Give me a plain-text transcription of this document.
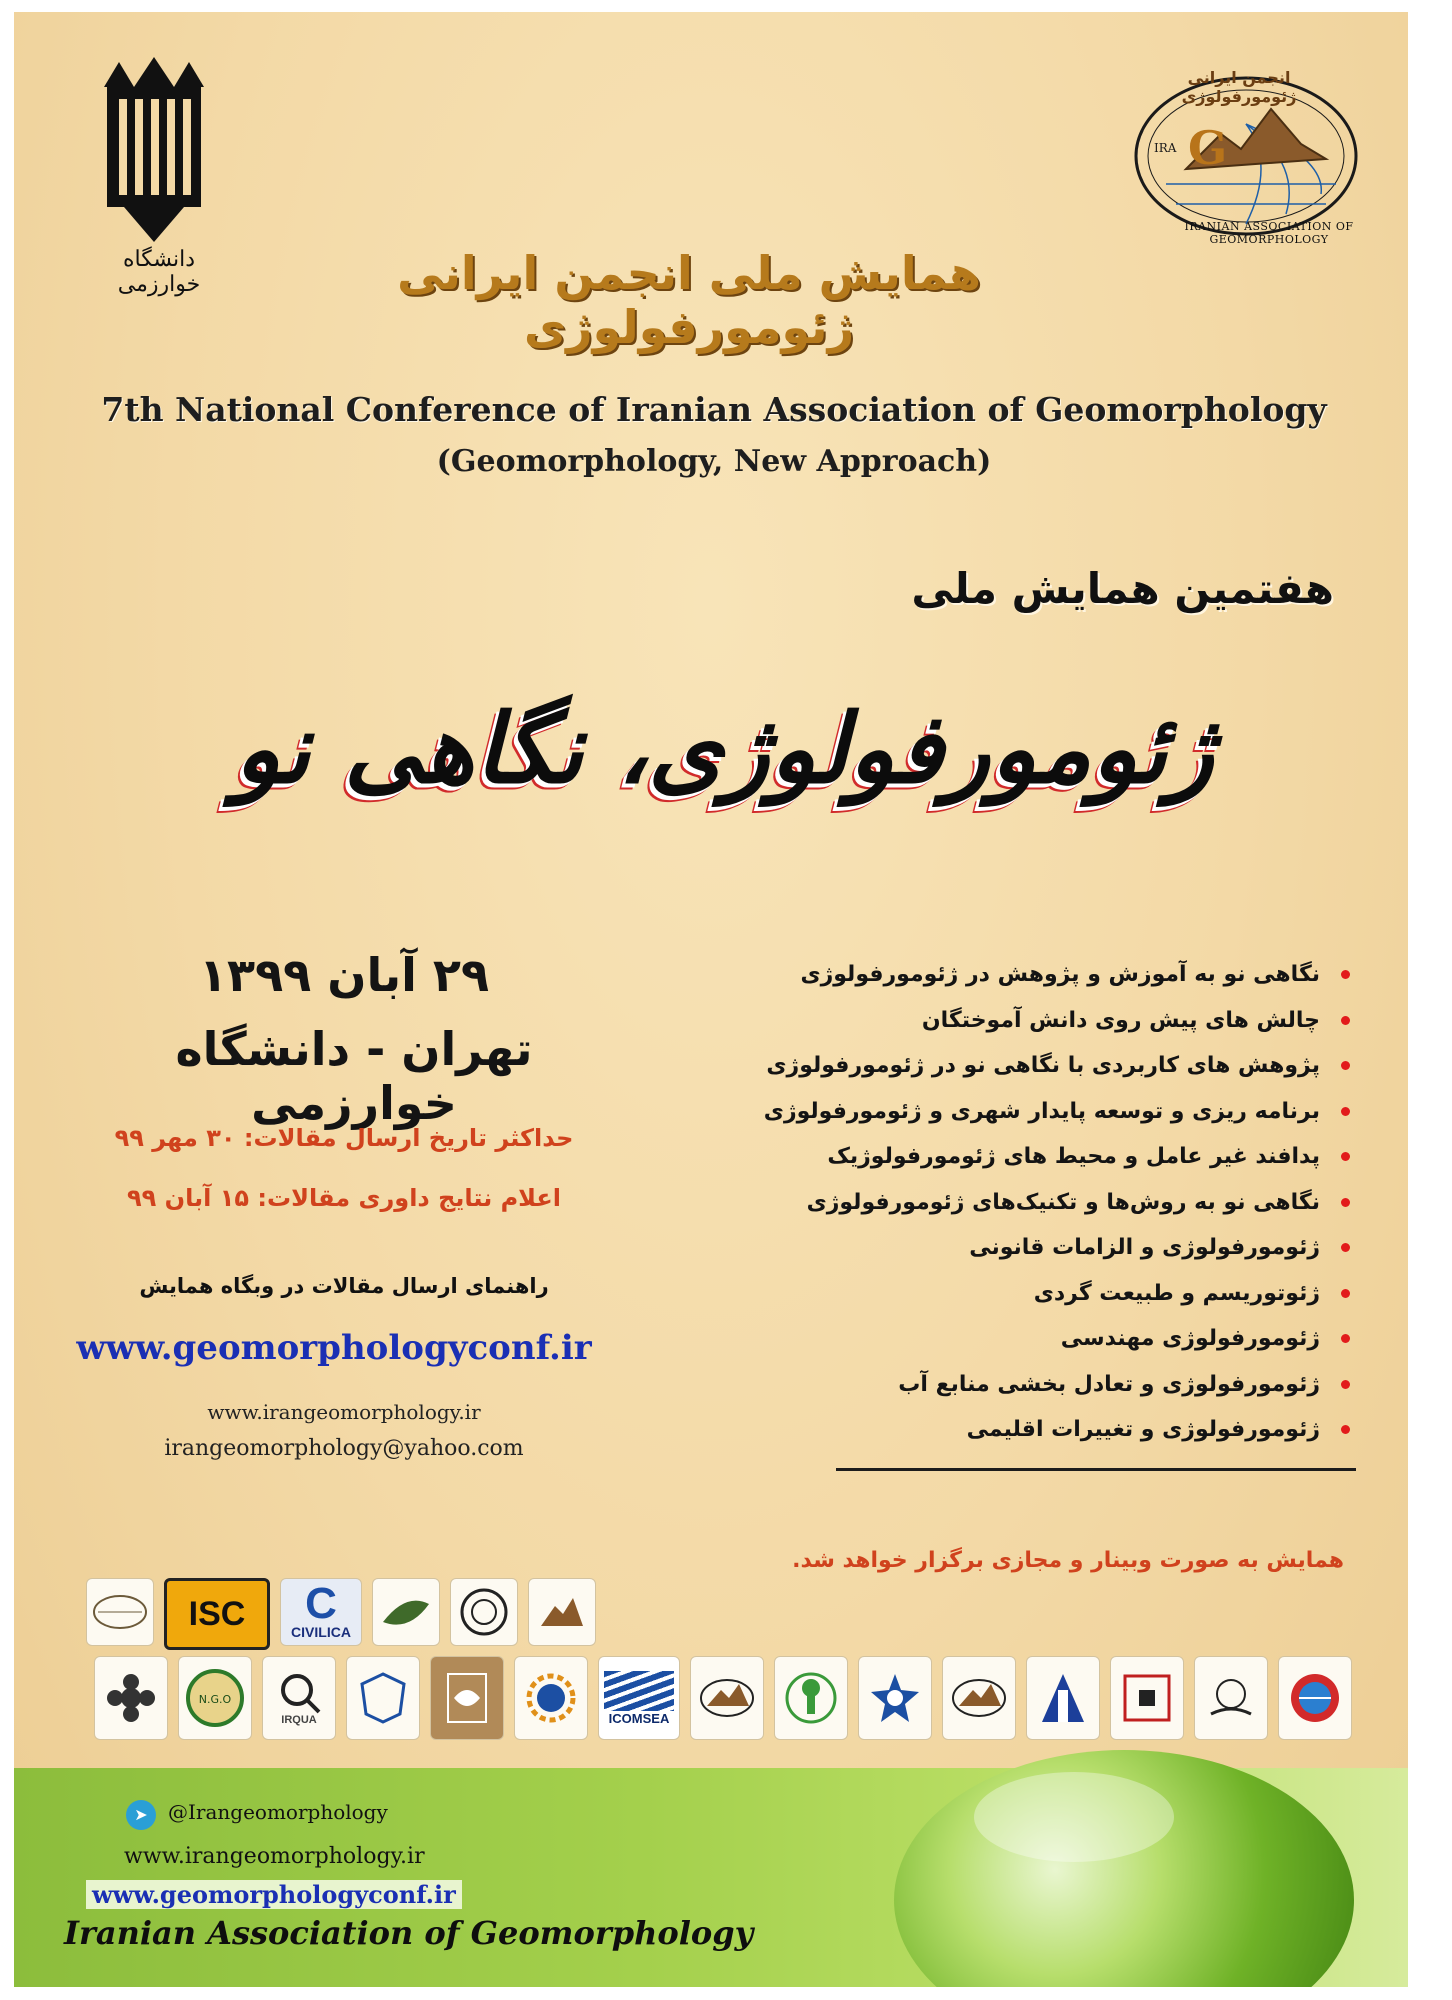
دانشگاه خوارزمی
G
IRA
انجمن ایرانی ژئومورفولوژی
IRANIAN ASSOCIATION OF GEOMORPHOLOGY
همایش ملی انجمن ایرانی ژئومورفولوژی
7th National Conference of Iranian Association of Geomorphology
(Geomorphology, New Approach)
هفتمین همایش ملی
ژئومورفولوژی، نگاهی نو
۲۹ آبان ۱۳۹۹
تهران - دانشگاه خوارزمی
حداکثر تاریخ ارسال مقالات: ۳۰ مهر ۹۹
اعلام نتایج داوری مقالات: ۱۵ آبان ۹۹
راهنمای ارسال مقالات در وبگاه همایش
www.geomorphologyconf.ir
www.irangeomorphology.ir
irangeomorphology@yahoo.com
نگاهی نو به آموزش و پژوهش در ژئومورفولوژی
چالش های پیش روی دانش آموختگان
پژوهش های کاربردی با نگاهی نو در ژئومورفولوژی
برنامه ریزی و توسعه پایدار شهری و ژئومورفولوژی
پدافند غیر عامل و محیط های ژئومورفولوژیک
نگاهی نو به روش‌ها و تکنیک‌های ژئومورفولوژی
ژئومورفولوژی و الزامات قانونی
ژئوتوریسم و طبیعت گردی
ژئومورفولوژی مهندسی
ژئومورفولوژی و تعادل بخشی منابع آب
ژئومورفولوژی و تغییرات اقلیمی
همایش به صورت وبینار و مجازی برگزار خواهد شد.
ISC	C
CIVILICA
N.G.O
IRQUA	ICOMSEA
➤	@Irangeomorphology
www.irangeomorphology.ir
www.geomorphologyconf.ir
Iranian Association of Geomorphology
